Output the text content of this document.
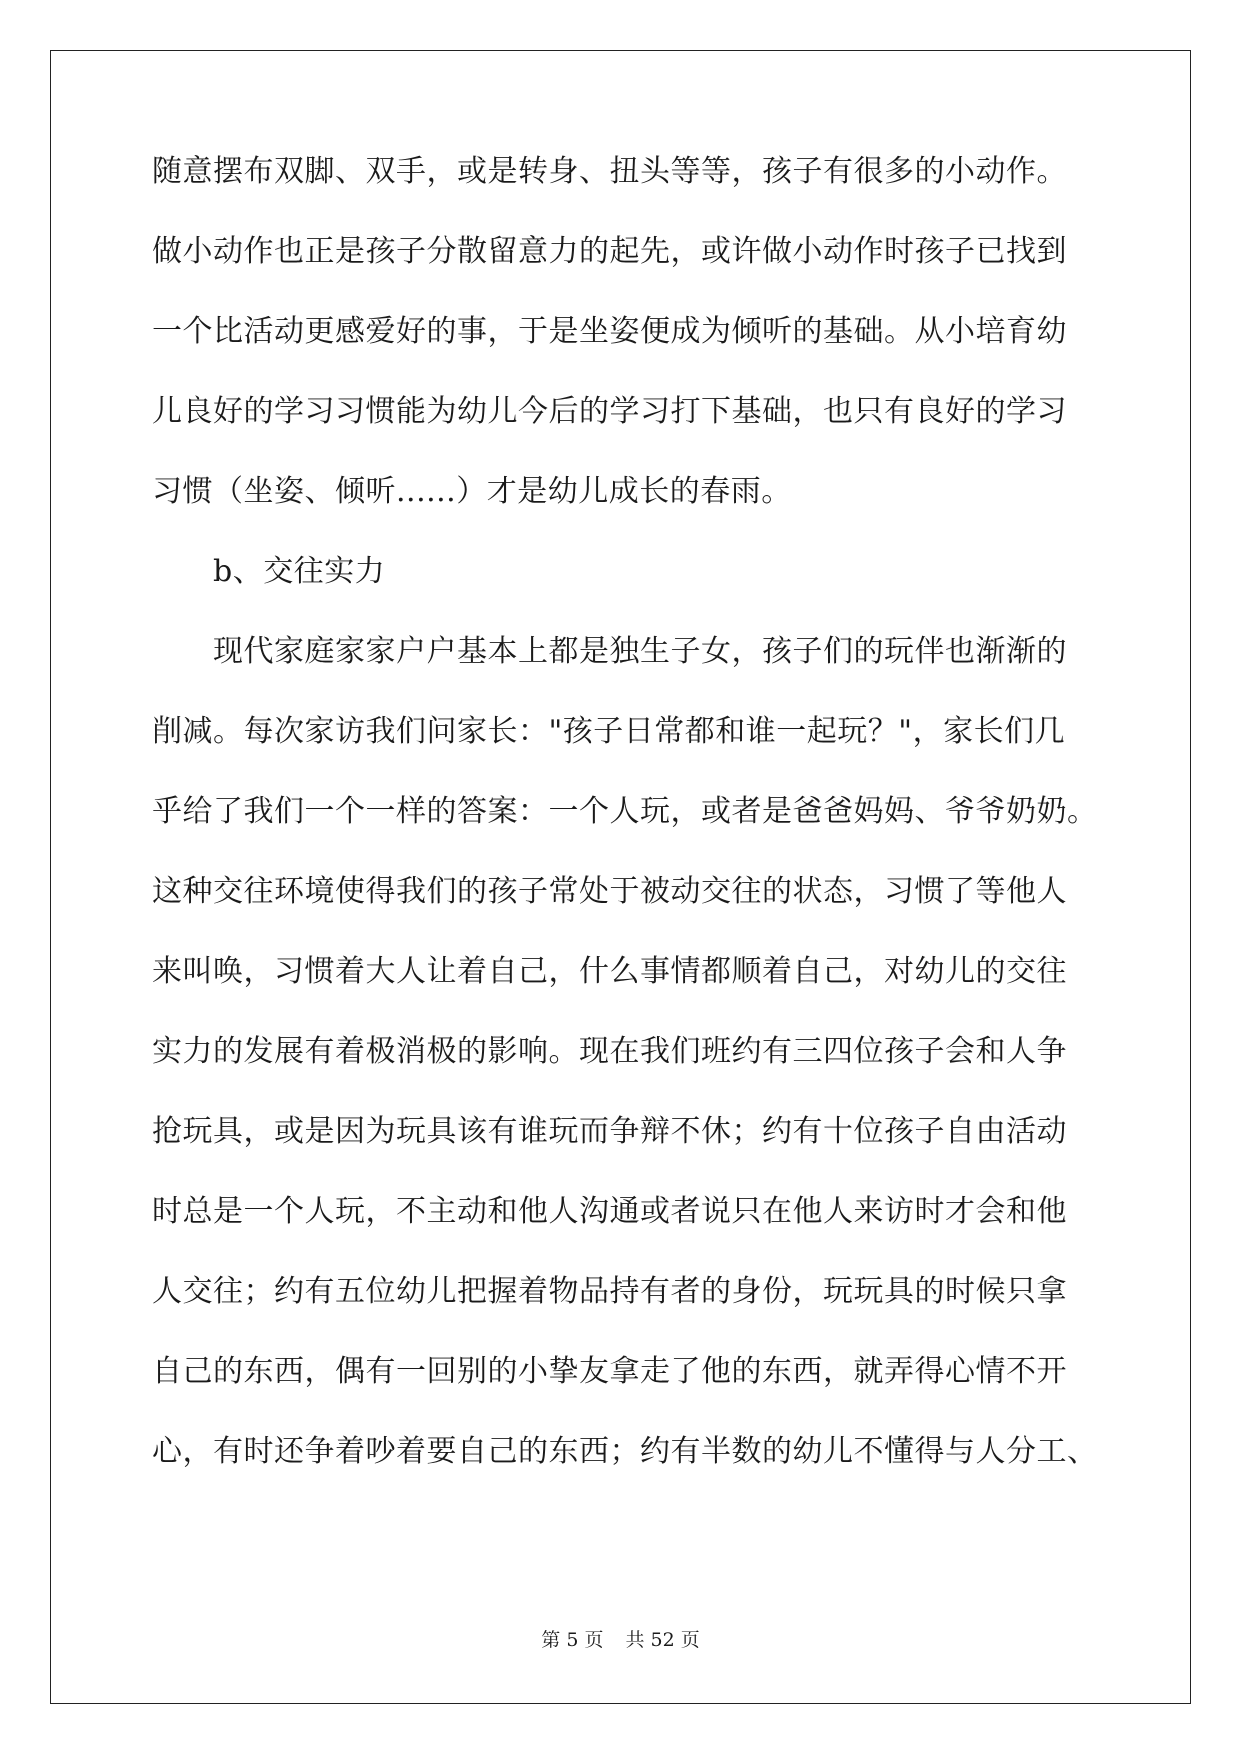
随意摆布双脚、双手，或是转身、扭头等等，孩子有很多的小动作。
做小动作也正是孩子分散留意力的起先，或许做小动作时孩子已找到
一个比活动更感爱好的事，于是坐姿便成为倾听的基础。从小培育幼
儿良好的学习习惯能为幼儿今后的学习打下基础，也只有良好的学习
习惯（坐姿、倾听......）才是幼儿成长的春雨。
b、交往实力
现代家庭家家户户基本上都是独生子女，孩子们的玩伴也渐渐的
削减。每次家访我们问家长："孩子日常都和谁一起玩？"，家长们几
乎给了我们一个一样的答案：一个人玩，或者是爸爸妈妈、爷爷奶奶。
这种交往环境使得我们的孩子常处于被动交往的状态，习惯了等他人
来叫唤，习惯着大人让着自己，什么事情都顺着自己，对幼儿的交往
实力的发展有着极消极的影响。现在我们班约有三四位孩子会和人争
抢玩具，或是因为玩具该有谁玩而争辩不休；约有十位孩子自由活动
时总是一个人玩，不主动和他人沟通或者说只在他人来访时才会和他
人交往；约有五位幼儿把握着物品持有者的身份，玩玩具的时候只拿
自己的东西，偶有一回别的小挚友拿走了他的东西，就弄得心情不开
心，有时还争着吵着要自己的东西；约有半数的幼儿不懂得与人分工、
第 5 页 共 52 页
